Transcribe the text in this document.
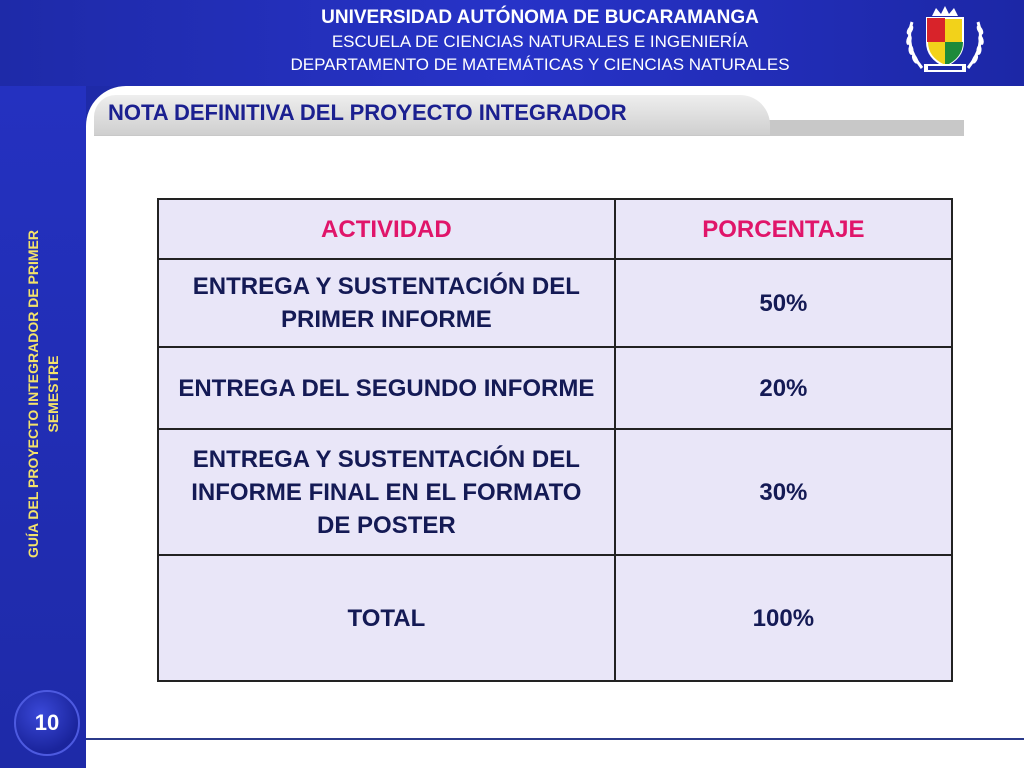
UNIVERSIDAD AUTÓNOMA DE BUCARAMANGA
ESCUELA DE CIENCIAS NATURALES E INGENIERÍA
DEPARTAMENTO DE MATEMÁTICAS Y CIENCIAS NATURALES
GUÍA DEL PROYECTO INTEGRADOR DE PRIMER SEMESTRE
10
NOTA DEFINITIVA DEL PROYECTO INTEGRADOR
ACTIVIDAD	PORCENTAJE
ENTREGA Y SUSTENTACIÓN DEL PRIMER INFORME	50%
ENTREGA DEL SEGUNDO INFORME	20%
ENTREGA Y SUSTENTACIÓN DEL INFORME FINAL EN EL FORMATO DE POSTER	30%
TOTAL	100%
